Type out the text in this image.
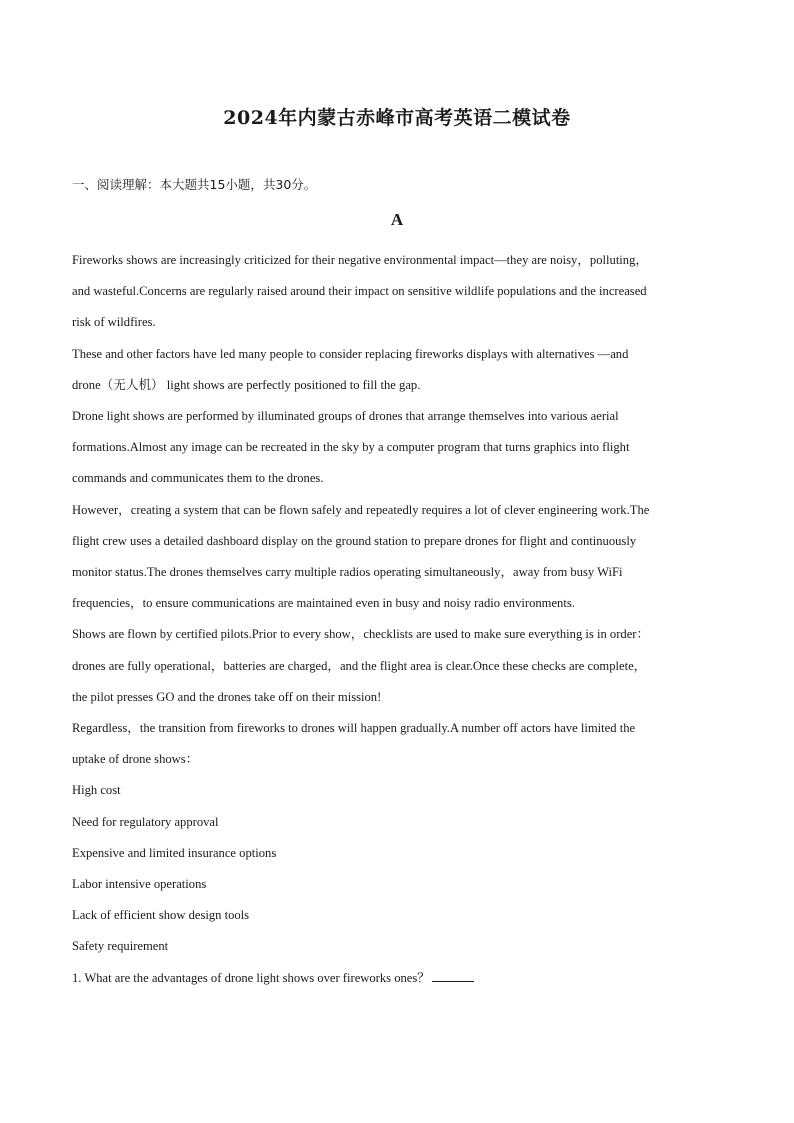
2024年内蒙古赤峰市高考英语二模试卷
一、阅读理解：本大题共15小题，共30分。
A

Fireworks shows are increasingly criticized for their negative environmental impact—they are noisy，polluting，
and wasteful.Concerns are regularly raised around their impact on sensitive wildlife populations and the increased
risk of wildfires.

These and other factors have led many people to consider replacing fireworks displays with alternatives —and
drone（无人机） light shows are perfectly positioned to fill the gap.

Drone light shows are performed by illuminated groups of drones that arrange themselves into various aerial
formations.Almost any image can be recreated in the sky by a computer program that turns graphics into flight
commands and communicates them to the drones.

However，creating a system that can be flown safely and repeatedly requires a lot of clever engineering work.The
flight crew uses a detailed dashboard display on the ground station to prepare drones for flight and continuously
monitor status.The drones themselves carry multiple radios operating simultaneously，away from busy WiFi
frequencies，to ensure communications are maintained even in busy and noisy radio environments.

Shows are flown by certified pilots.Prior to every show，checklists are used to make sure everything is in order：
drones are fully operational，batteries are charged，and the flight area is clear.Once these checks are complete，
the pilot presses GO and the drones take off on their mission!

Regardless，the transition from fireworks to drones will happen gradually.A number off actors have limited the
uptake of drone shows：

High cost

Need for regulatory approval

Expensive and limited insurance options

Labor intensive operations

Lack of efficient show design tools

Safety requirement

1. What are the advantages of drone light shows over fireworks ones？
